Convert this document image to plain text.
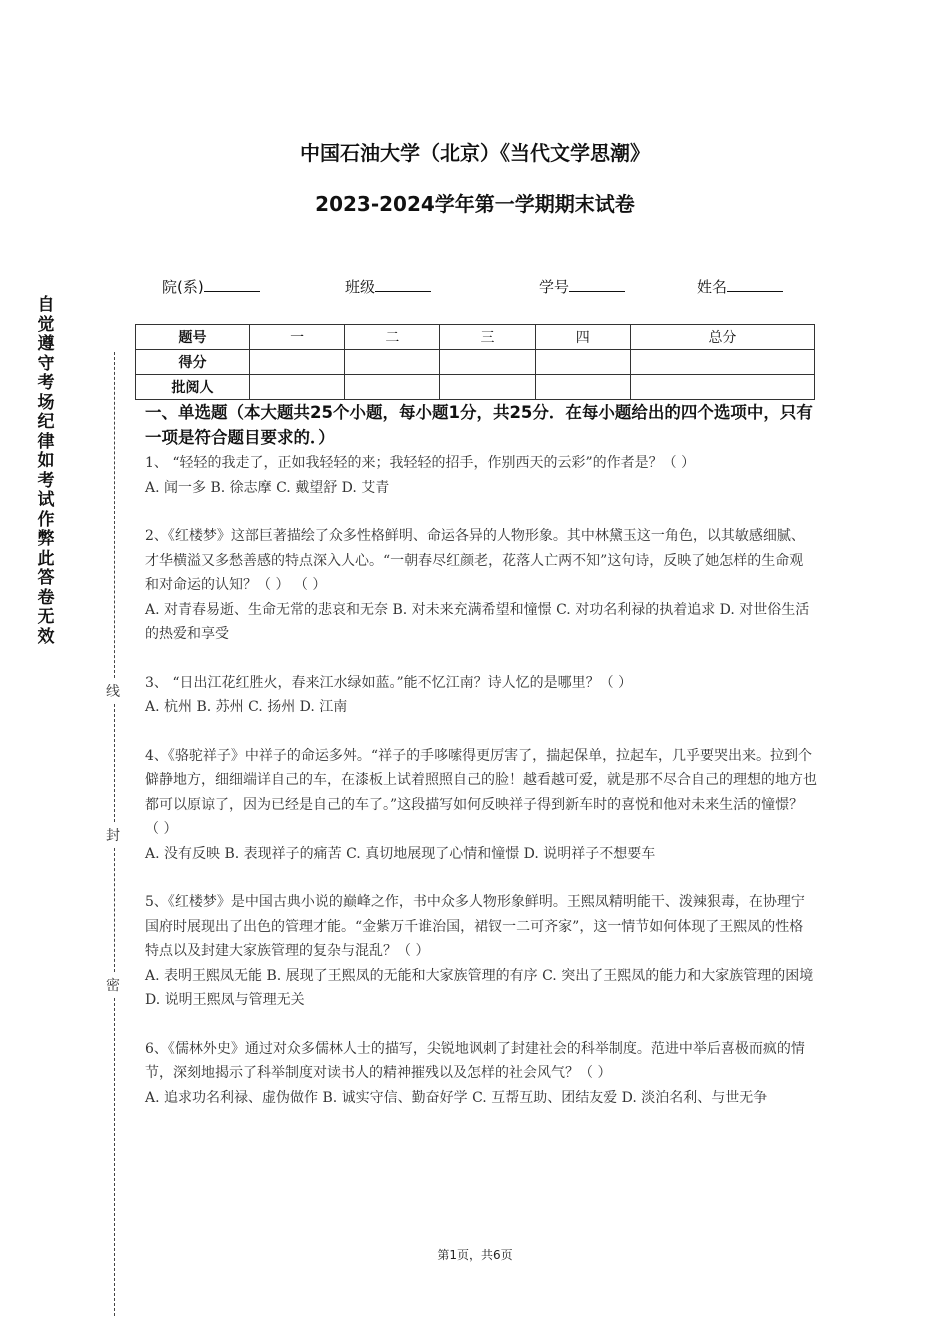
中国石油大学（北京）《当代文学思潮》
2023-2024学年第一学期期末试卷
院(系)	班级	学号	姓名
题号	一	二	三	四	总分
得分					
批阅人					
自觉遵守考场纪律如考试作弊此答卷无效
线
封
密
一、单选题（本大题共25个小题，每小题1分，共25分．在每小题给出的四个选项中，只有一项是符合题目要求的．）

1、 “轻轻的我走了，正如我轻轻的来；我轻轻的招手，作别西天的云彩”的作者是？（ ）

A. 闻一多 B. 徐志摩 C. 戴望舒 D. 艾青

2、《红楼梦》这部巨著描绘了众多性格鲜明、命运各异的人物形象。其中林黛玉这一角色，以其敏感细腻、才华横溢又多愁善感的特点深入人心。“一朝春尽红颜老，花落人亡两不知”这句诗，反映了她怎样的生命观和对命运的认知？（ ） （ ）

A. 对青春易逝、生命无常的悲哀和无奈 B. 对未来充满希望和憧憬 C. 对功名利禄的执着追求 D. 对世俗生活的热爱和享受

3、 “日出江花红胜火，春来江水绿如蓝。”能不忆江南？诗人忆的是哪里？（ ）

A. 杭州 B. 苏州 C. 扬州 D. 江南

4、《骆驼祥子》中祥子的命运多舛。“祥子的手哆嗦得更厉害了，揣起保单，拉起车，几乎要哭出来。拉到个僻静地方，细细端详自己的车，在漆板上试着照照自己的脸！越看越可爱，就是那不尽合自己的理想的地方也都可以原谅了，因为已经是自己的车了。”这段描写如何反映祥子得到新车时的喜悦和他对未来生活的憧憬？（ ）

A. 没有反映 B. 表现祥子的痛苦 C. 真切地展现了心情和憧憬 D. 说明祥子不想要车

5、《红楼梦》是中国古典小说的巅峰之作，书中众多人物形象鲜明。王熙凤精明能干、泼辣狠毒，在协理宁国府时展现出了出色的管理才能。“金紫万千谁治国，裙钗一二可齐家”，这一情节如何体现了王熙凤的性格特点以及封建大家族管理的复杂与混乱？（ ）

A. 表明王熙凤无能 B. 展现了王熙凤的无能和大家族管理的有序 C. 突出了王熙凤的能力和大家族管理的困境 D. 说明王熙凤与管理无关

6、《儒林外史》通过对众多儒林人士的描写，尖锐地讽刺了封建社会的科举制度。范进中举后喜极而疯的情节，深刻地揭示了科举制度对读书人的精神摧残以及怎样的社会风气？（ ）

A. 追求功名利禄、虚伪做作 B. 诚实守信、勤奋好学 C. 互帮互助、团结友爱 D. 淡泊名利、与世无争

第1页，共6页
